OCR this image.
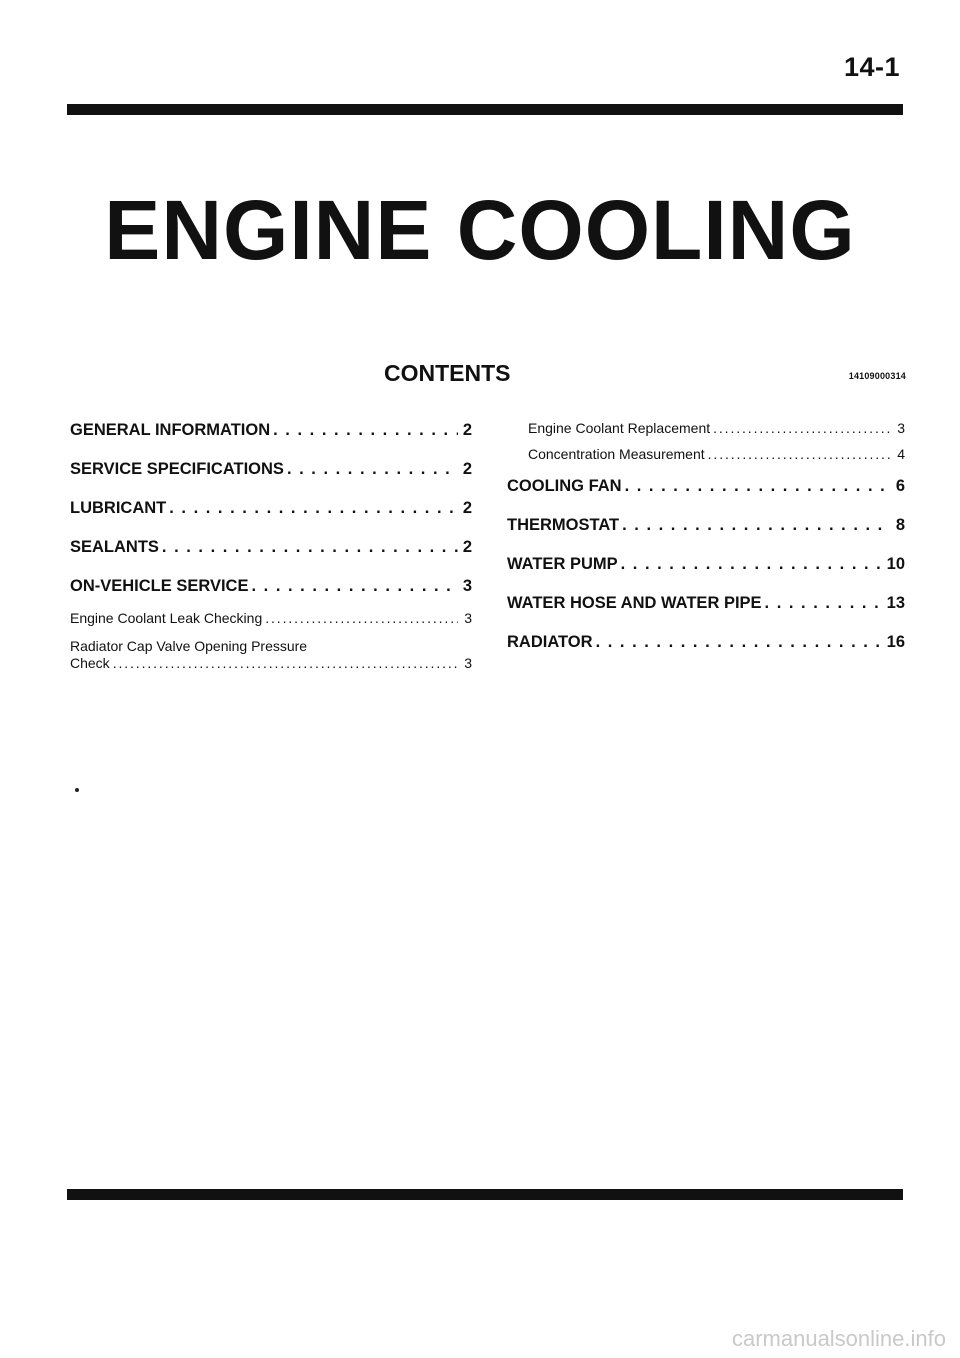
14-1
ENGINE COOLING
CONTENTS	14109000314
GENERAL INFORMATION . . .	2
SERVICE SPECIFICATIONS . . .	2
LUBRICANT . . .	2
SEALANTS . . .	2
ON-VEHICLE SERVICE . . .	3
Engine Coolant Leak Checking . . .	3
Radiator Cap Valve Opening Pressure
Check . . .	3
Engine Coolant Replacement . . .	3
Concentration Measurement . . .	4
COOLING FAN . . .	6
THERMOSTAT . . .	8
WATER PUMP . . .	10
WATER HOSE AND WATER PIPE . . .	13
RADIATOR . . .	16
carmanualsonline.info
